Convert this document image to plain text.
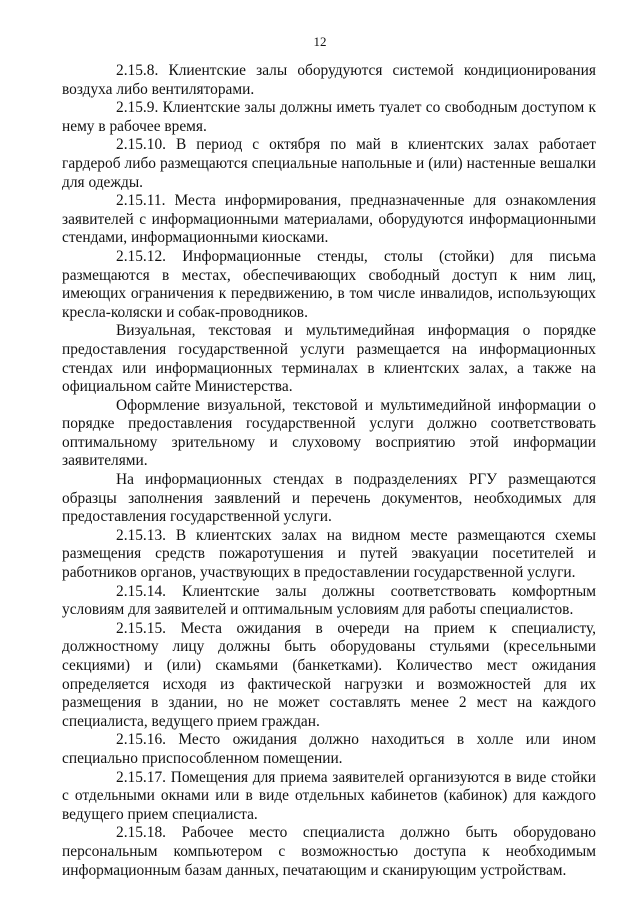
12

2.15.8. Клиентские залы оборудуются системой кондиционирования воздуха либо вентиляторами.

2.15.9. Клиентские залы должны иметь туалет со свободным доступом к нему в рабочее время.

2.15.10. В период с октября по май в клиентских залах работает гардероб либо размещаются специальные напольные и (или) настенные вешалки для одежды.

2.15.11. Места информирования, предназначенные для ознакомления заявителей с информационными материалами, оборудуются информационными стендами, информационными киосками.

2.15.12. Информационные стенды, столы (стойки) для письма размещаются в местах, обеспечивающих свободный доступ к ним лиц, имеющих ограничения к передвижению, в том числе инвалидов, использующих кресла-коляски и собак-проводников.

Визуальная, текстовая и мультимедийная информация о порядке предоставления государственной услуги размещается на информационных стендах или информационных терминалах в клиентских залах, а также на официальном сайте Министерства.

Оформление визуальной, текстовой и мультимедийной информации о порядке предоставления государственной услуги должно соответствовать оптимальному зрительному и слуховому восприятию этой информации заявителями.

На информационных стендах в подразделениях РГУ размещаются образцы заполнения заявлений и перечень документов, необходимых для предоставления государственной услуги.

2.15.13. В клиентских залах на видном месте размещаются схемы размещения средств пожаротушения и путей эвакуации посетителей и работников органов, участвующих в предоставлении государственной услуги.

2.15.14. Клиентские залы должны соответствовать комфортным условиям для заявителей и оптимальным условиям для работы специалистов.

2.15.15. Места ожидания в очереди на прием к специалисту, должностному лицу должны быть оборудованы стульями (кресельными секциями) и (или) скамьями (банкетками). Количество мест ожидания определяется исходя из фактической нагрузки и возможностей для их размещения в здании, но не может составлять менее 2 мест на каждого специалиста, ведущего прием граждан.

2.15.16. Место ожидания должно находиться в холле или ином специально приспособленном помещении.

2.15.17. Помещения для приема заявителей организуются в виде стойки с отдельными окнами или в виде отдельных кабинетов (кабинок) для каждого ведущего прием специалиста.

2.15.18. Рабочее место специалиста должно быть оборудовано персональным компьютером с возможностью доступа к необходимым информационным базам данных, печатающим и сканирующим устройствам.
